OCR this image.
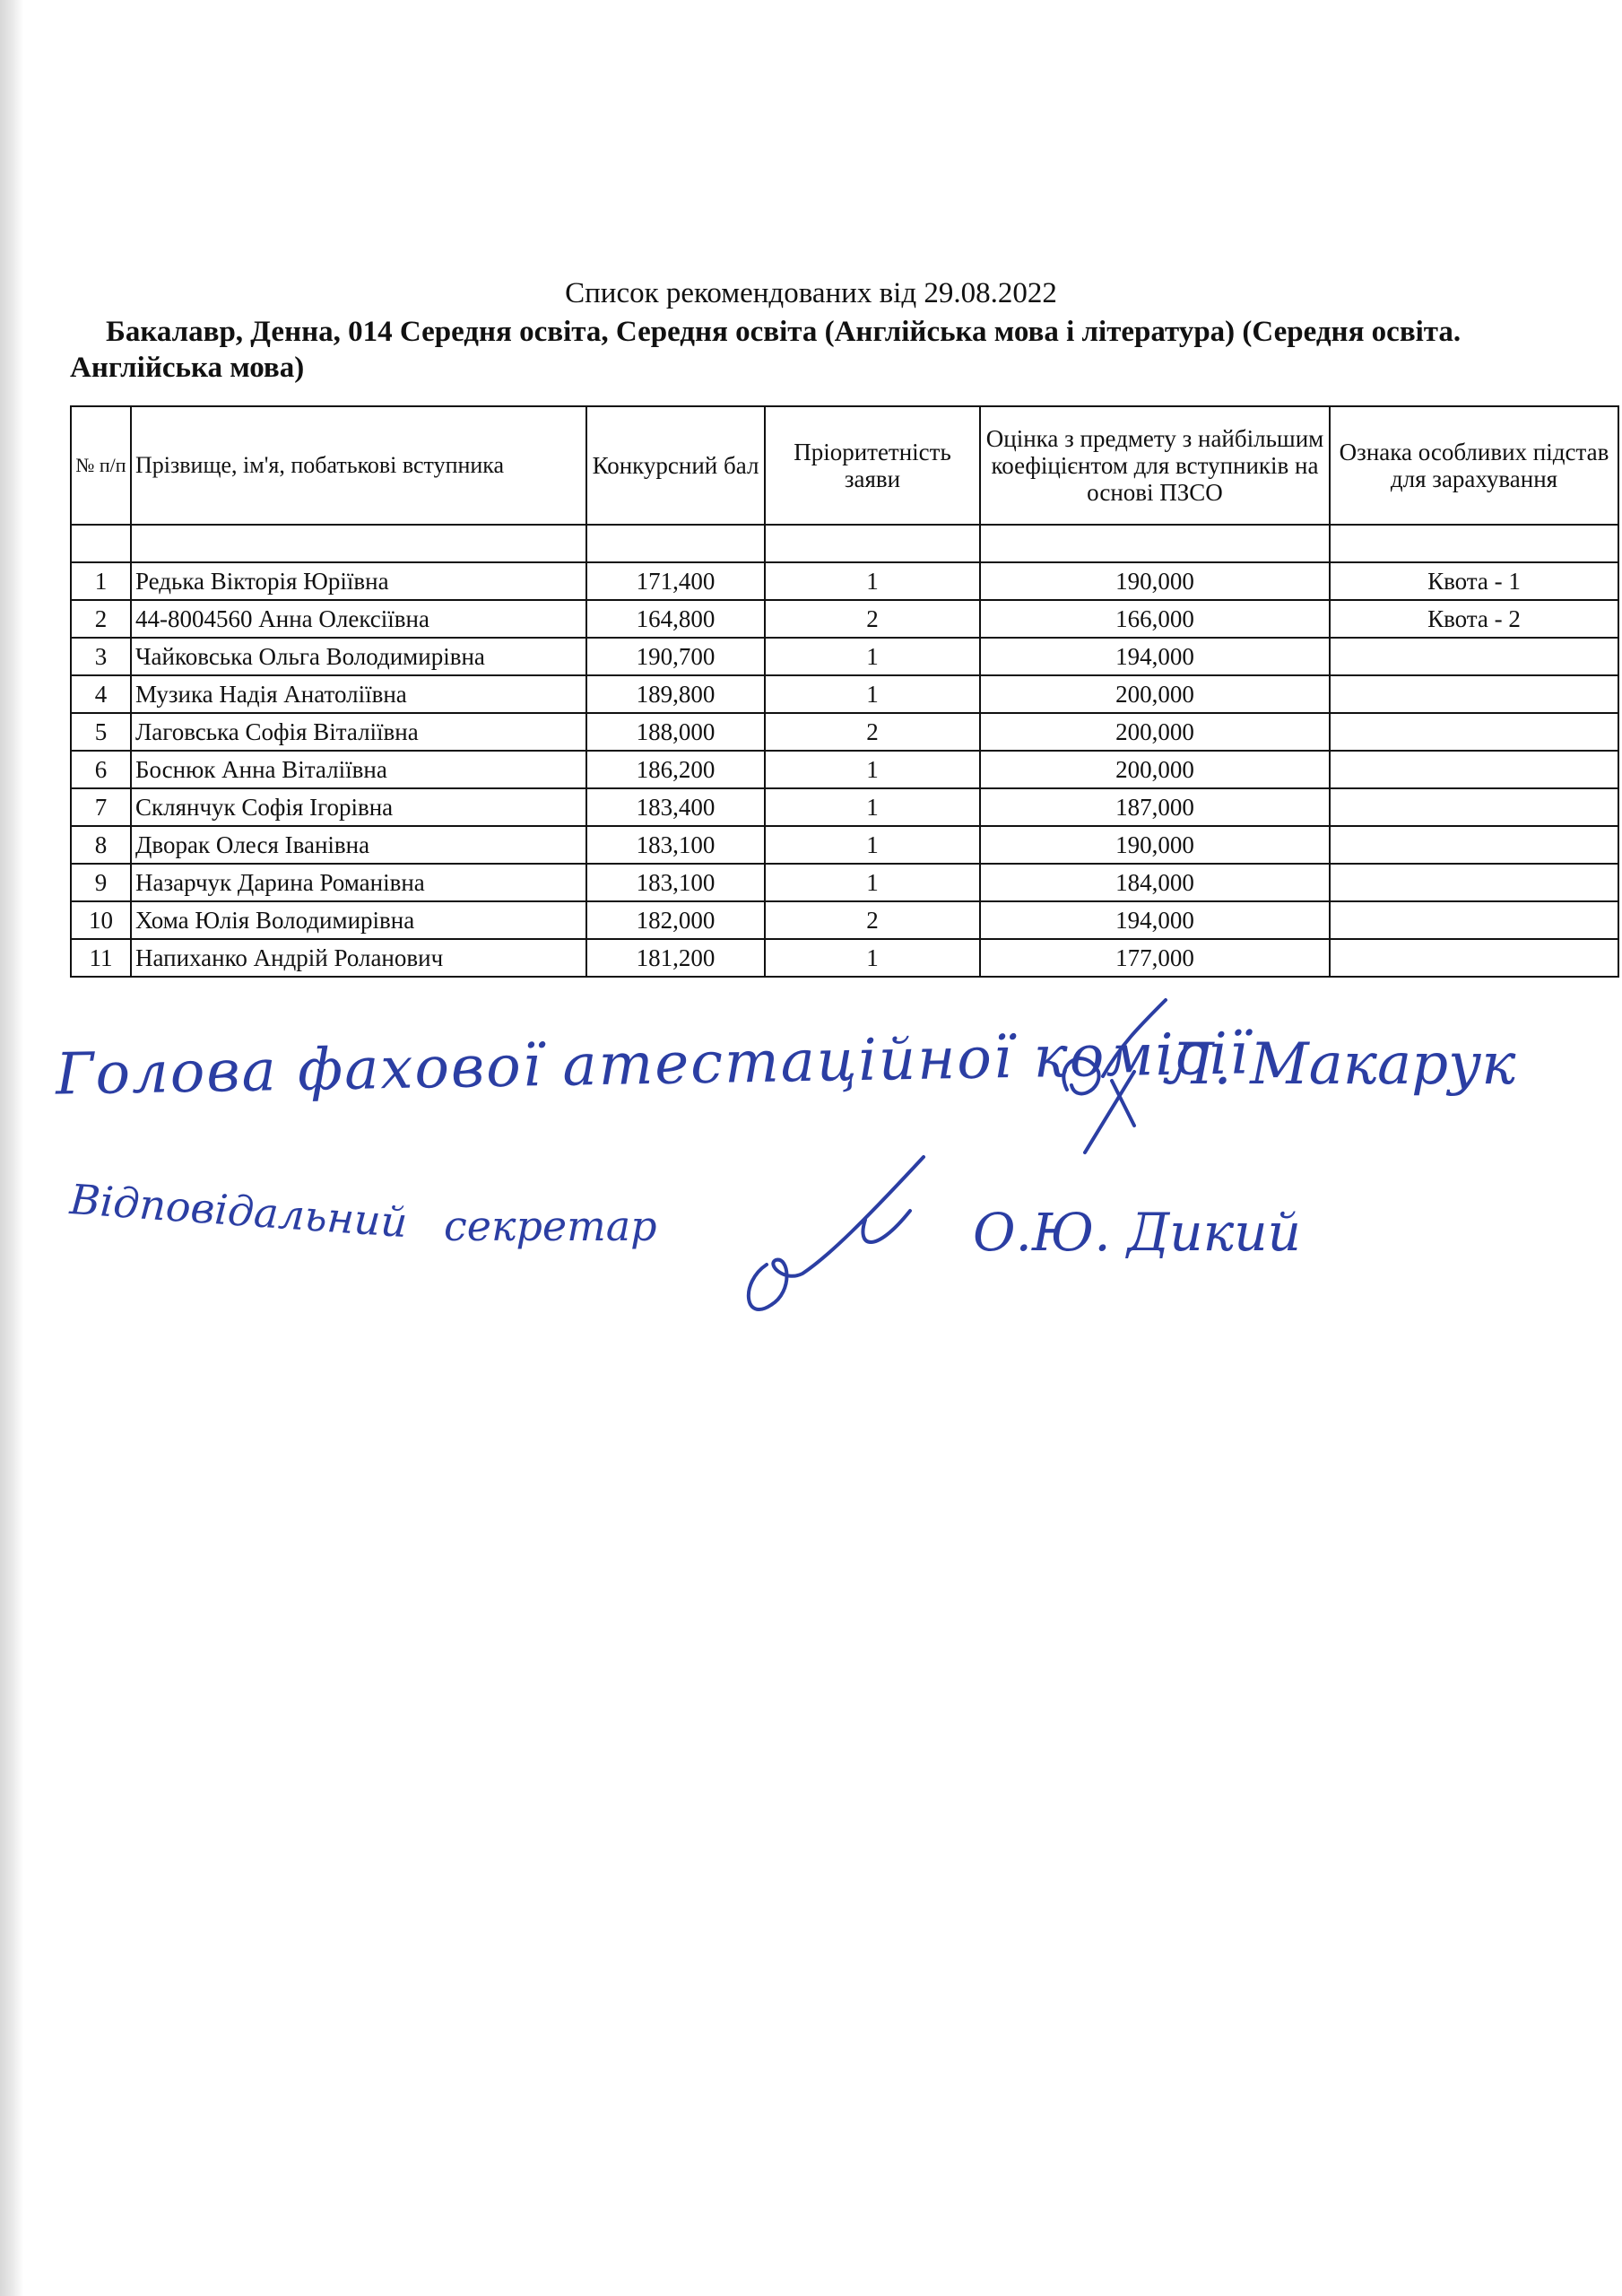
Список рекомендованих від 29.08.2022
Бакалавр, Денна, 014 Середня освіта, Середня освіта (Англійська мова і література) (Середня освіта. Англійська мова)
№ п/п	Прізвище, ім'я, побатькові вступника	Конкурсний бал	Пріоритетність заяви	Оцінка з предмету з найбільшим коефіцієнтом для вступників на основі ПЗСО	Ознака особливих підстав для зарахування

1	Редька Вікторія Юріївна	171,400	1	190,000	Квота - 1
2	44-8004560 Анна Олексіївна	164,800	2	166,000	Квота - 2
3	Чайковська Ольга Володимирівна	190,700	1	194,000	
4	Музика Надія Анатоліївна	189,800	1	200,000	
5	Лаговська Софія Віталіївна	188,000	2	200,000	
6	Боснюк Анна Віталіївна	186,200	1	200,000	
7	Склянчук Софія Ігорівна	183,400	1	187,000	
8	Дворак Олеся Іванівна	183,100	1	190,000	
9	Назарчук Дарина Романівна	183,100	1	184,000	
10	Хома Юлія Володимирівна	182,000	2	194,000	
11	Напиханко Андрій Роланович	181,200	1	177,000	
Голова фахової атестаційної комісії
Л. Макарук
Відповідальний секретар	О.Ю. Дикий
